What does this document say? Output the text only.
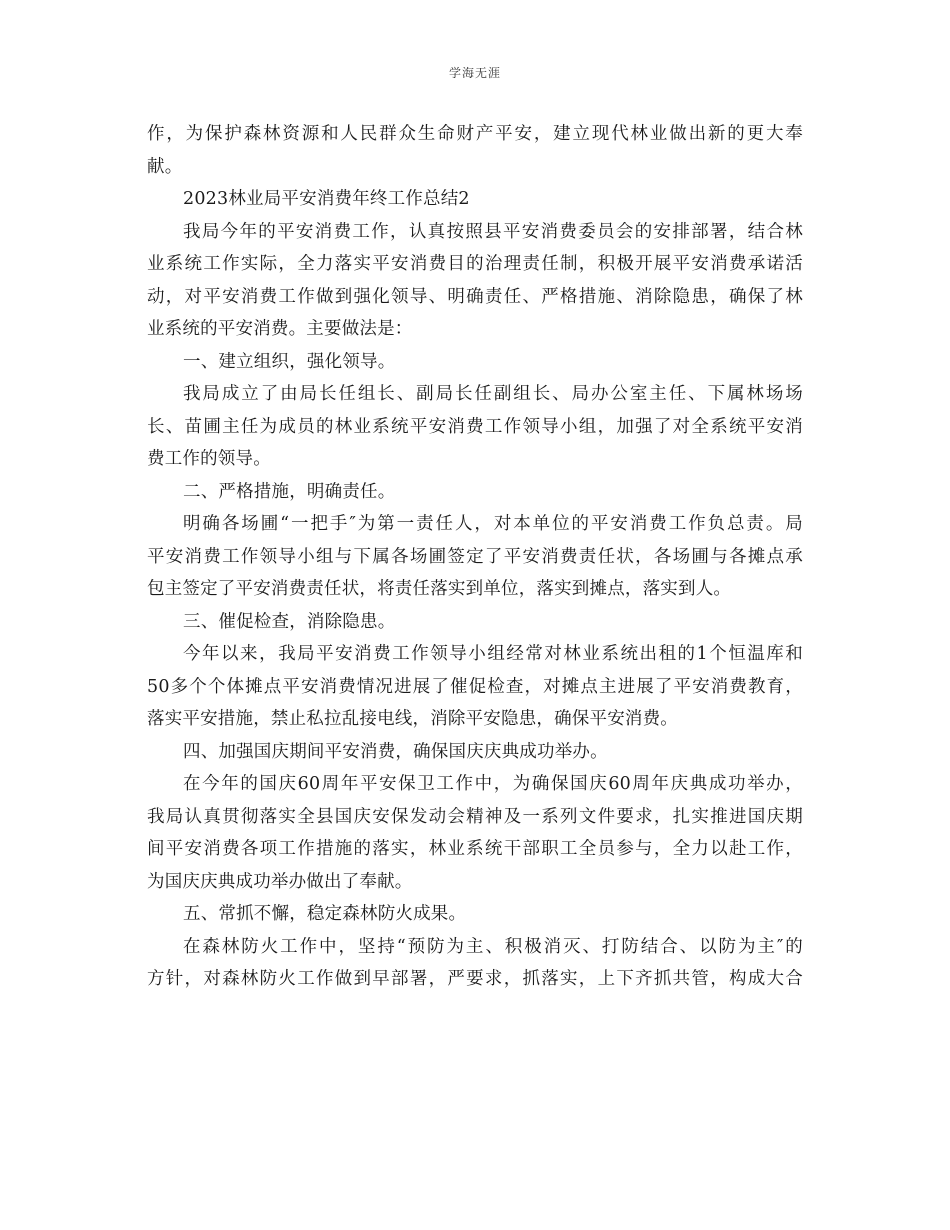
学海无涯
作，为保护森林资源和人民群众生命财产平安，建立现代林业做出新的更大奉
献。
2023林业局平安消费年终工作总结2
我局今年的平安消费工作，认真按照县平安消费委员会的安排部署，结合林
业系统工作实际，全力落实平安消费目的治理责任制，积极开展平安消费承诺活
动，对平安消费工作做到强化领导、明确责任、严格措施、消除隐患，确保了林
业系统的平安消费。主要做法是：
一、建立组织，强化领导。
我局成立了由局长任组长、副局长任副组长、局办公室主任、下属林场场
长、苗圃主任为成员的林业系统平安消费工作领导小组，加强了对全系统平安消
费工作的领导。
二、严格措施，明确责任。
明确各场圃“一把手″为第一责任人，对本单位的平安消费工作负总责。局
平安消费工作领导小组与下属各场圃签定了平安消费责任状，各场圃与各摊点承
包主签定了平安消费责任状，将责任落实到单位，落实到摊点，落实到人。
三、催促检查，消除隐患。
今年以来，我局平安消费工作领导小组经常对林业系统出租的1个恒温库和
50多个个体摊点平安消费情况进展了催促检查，对摊点主进展了平安消费教育，
落实平安措施，禁止私拉乱接电线，消除平安隐患，确保平安消费。
四、加强国庆期间平安消费，确保国庆庆典成功举办。
在今年的国庆60周年平安保卫工作中，为确保国庆60周年庆典成功举办，
我局认真贯彻落实全县国庆安保发动会精神及一系列文件要求，扎实推进国庆期
间平安消费各项工作措施的落实，林业系统干部职工全员参与，全力以赴工作，
为国庆庆典成功举办做出了奉献。
五、常抓不懈，稳定森林防火成果。
在森林防火工作中，坚持“预防为主、积极消灭、打防结合、以防为主″的
方针，对森林防火工作做到早部署，严要求，抓落实，上下齐抓共管，构成大合
